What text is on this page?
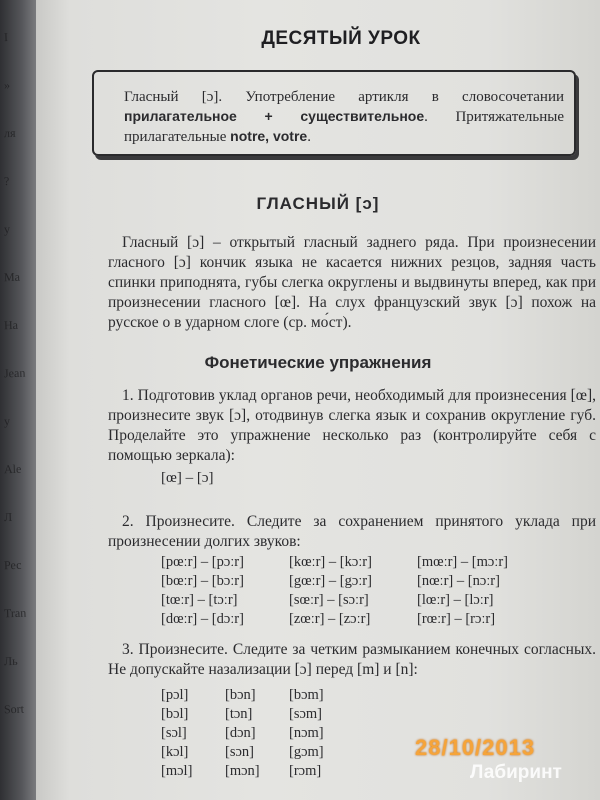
I
»
ля
?
у
Ма
Ha
Jean
у
Ale
Л
Рес
Tran
Ль
Sort
ДЕСЯТЫЙ УРОК

Гласный [ɔ]. Употребление артикля в словосочетании прилагательное + существительное. Притяжательные прилагательные notre, votre.

ГЛАСНЫЙ [ɔ]

Гласный [ɔ] – открытый гласный заднего ряда. При произнесении гласного [ɔ] кончик языка не касается нижних резцов, задняя часть спинки приподнята, губы слегка округлены и выдвинуты вперед, как при произнесении гласного [œ]. На слух французский звук [ɔ] похож на русское о в ударном слоге (ср. мо́ст).

Фонетические упражнения

1. Подготовив уклад органов речи, необходимый для произнесения [œ], произнесите звук [ɔ], отодвинув слегка язык и сохранив округление губ. Проделайте это упражнение несколько раз (контролируйте себя с помощью зеркала):

[œ] – [ɔ]

2. Произнесите. Следите за сохранением принятого уклада при произнесении долгих звуков:

[pœːr] – [pɔːr]	[kœːr] – [kɔːr]	[mœːr] – [mɔːr]
[bœːr] – [bɔːr]	[gœːr] – [gɔːr]	[nœːr] – [nɔːr]
[tœːr] – [tɔːr]	[sœːr] – [sɔːr]	[lœːr] – [lɔːr]
[dœːr] – [dɔːr]	[zœːr] – [zɔːr]	[rœːr] – [rɔːr]

3. Произнесите. Следите за четким размыканием конечных согласных. Не допускайте назализации [ɔ] перед [m] и [n]:

[pɔl]	[bɔn]	[bɔm]
[bɔl]	[tɔn]	[sɔm]
[sɔl]	[dɔn]	[nɔm]
[kɔl]	[sɔn]	[gɔm]
[mɔl]	[mɔn]	[rɔm]
28/10/2013
Лабиринт
